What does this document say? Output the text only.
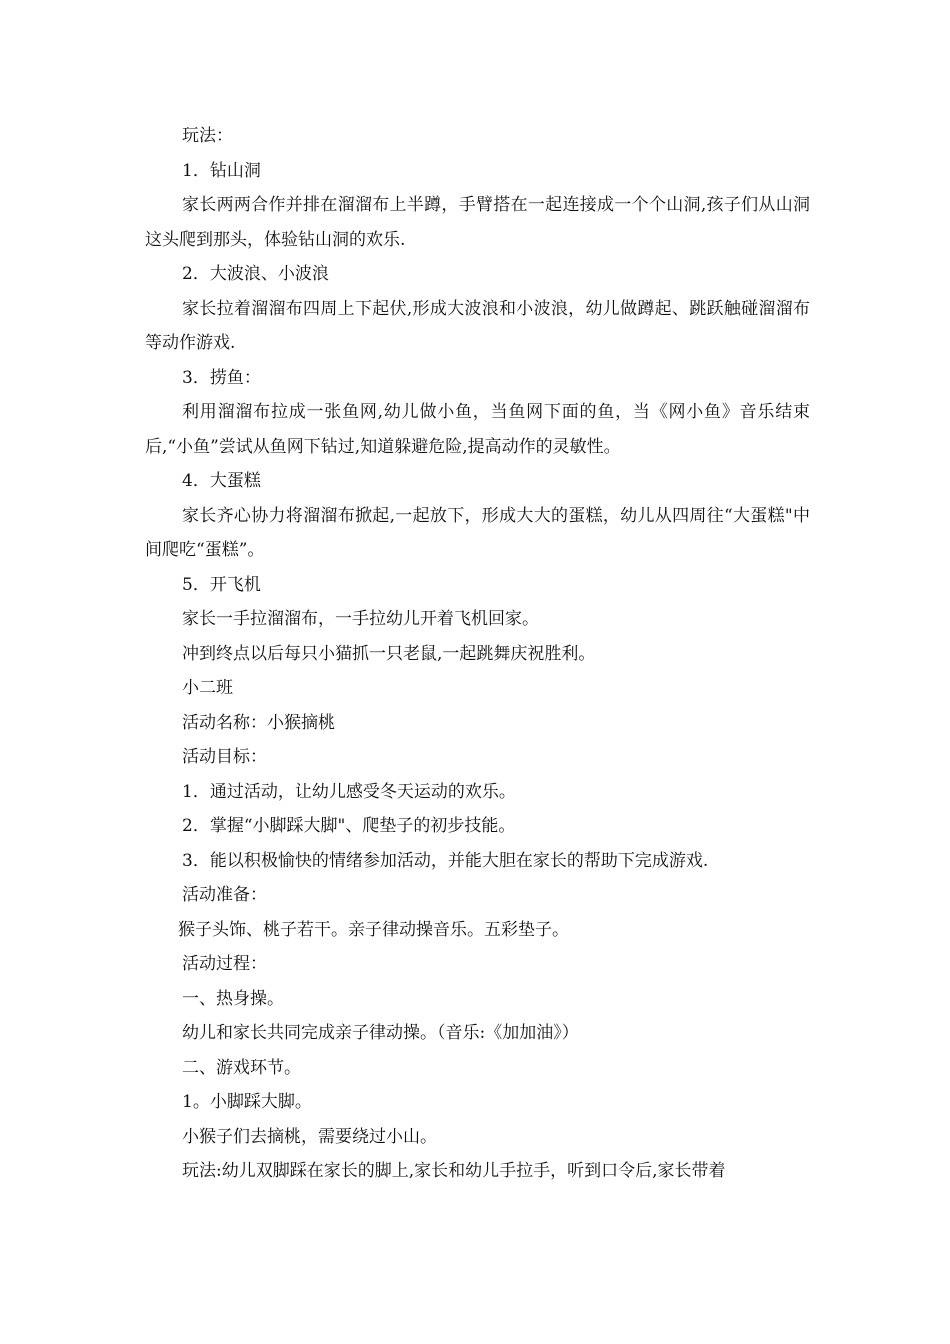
玩法：

1．钻山洞

家长两两合作并排在溜溜布上半蹲，手臂搭在一起连接成一个个山洞,孩子们从山洞这头爬到那头，体验钻山洞的欢乐.

2．大波浪、小波浪

家长拉着溜溜布四周上下起伏,形成大波浪和小波浪，幼儿做蹲起、跳跃触碰溜溜布等动作游戏.

3．捞鱼：

利用溜溜布拉成一张鱼网,幼儿做小鱼，当鱼网下面的鱼，当《网小鱼》音乐结束后,“小鱼”尝试从鱼网下钻过,知道躲避危险,提高动作的灵敏性。

4．大蛋糕

家长齐心协力将溜溜布掀起,一起放下，形成大大的蛋糕，幼儿从四周往“大蛋糕"中间爬吃“蛋糕”。

5．开飞机

家长一手拉溜溜布，一手拉幼儿开着飞机回家。

冲到终点以后每只小猫抓一只老鼠,一起跳舞庆祝胜利。

小二班

活动名称：小猴摘桃

活动目标：

1．通过活动，让幼儿感受冬天运动的欢乐。

2．掌握“小脚踩大脚"、爬垫子的初步技能。

3．能以积极愉快的情绪参加活动，并能大胆在家长的帮助下完成游戏.

活动准备：

猴子头饰、桃子若干。亲子律动操音乐。五彩垫子。

活动过程：

一、热身操。

幼儿和家长共同完成亲子律动操。（音乐:《加加油》）

二、游戏环节。

1。小脚踩大脚。

小猴子们去摘桃，需要绕过小山。

玩法:幼儿双脚踩在家长的脚上,家长和幼儿手拉手，听到口令后,家长带着
